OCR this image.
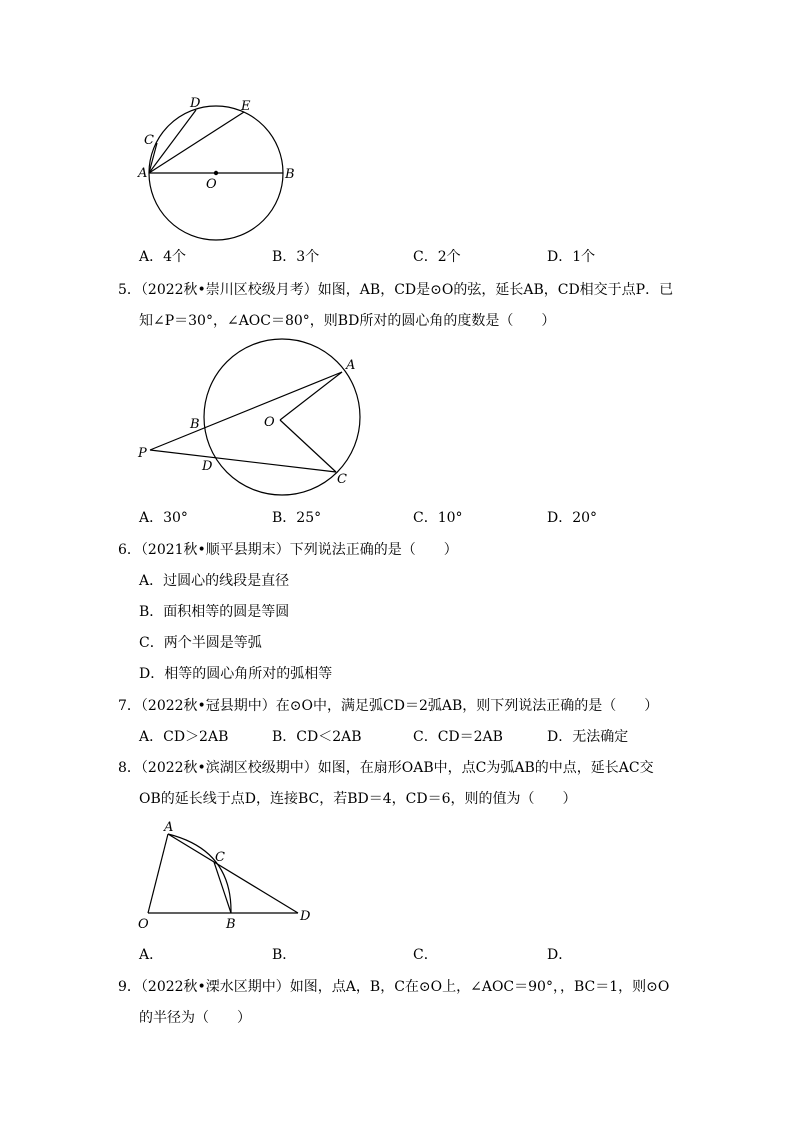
A	B
C
D	E
O
A．4个	B．3个	C．2个	D．1个
5．（2022秋•崇川区校级月考）如图，AB，CD是⊙O的弦，延长AB，CD相交于点P．已
知∠P＝30°，∠AOC＝80°，则BD所对的圆心角的度数是（　　）
A
B
C
D
O
P
A．30°	B．25°	C．10°	D．20°
6．（2021秋•顺平县期末）下列说法正确的是（　　）
A．过圆心的线段是直径
B．面积相等的圆是等圆
C．两个半圆是等弧
D．相等的圆心角所对的弧相等
7．（2022秋•冠县期中）在⊙O中，满足弧CD＝2弧AB，则下列说法正确的是（　　）
A．CD＞2AB	B．CD＜2AB	C．CD＝2AB	D．无法确定
8．（2022秋•滨湖区校级期中）如图，在扇形OAB中，点C为弧AB的中点，延长AC交
OB的延长线于点D，连接BC，若BD＝4，CD＝6，则的值为（　　）
A
B
C
D
O
A．	B．	C．	D．
9．（2022秋•溧水区期中）如图，点A，B，C在⊙O上，∠AOC＝90°，，BC＝1，则⊙O
的半径为（　　）
